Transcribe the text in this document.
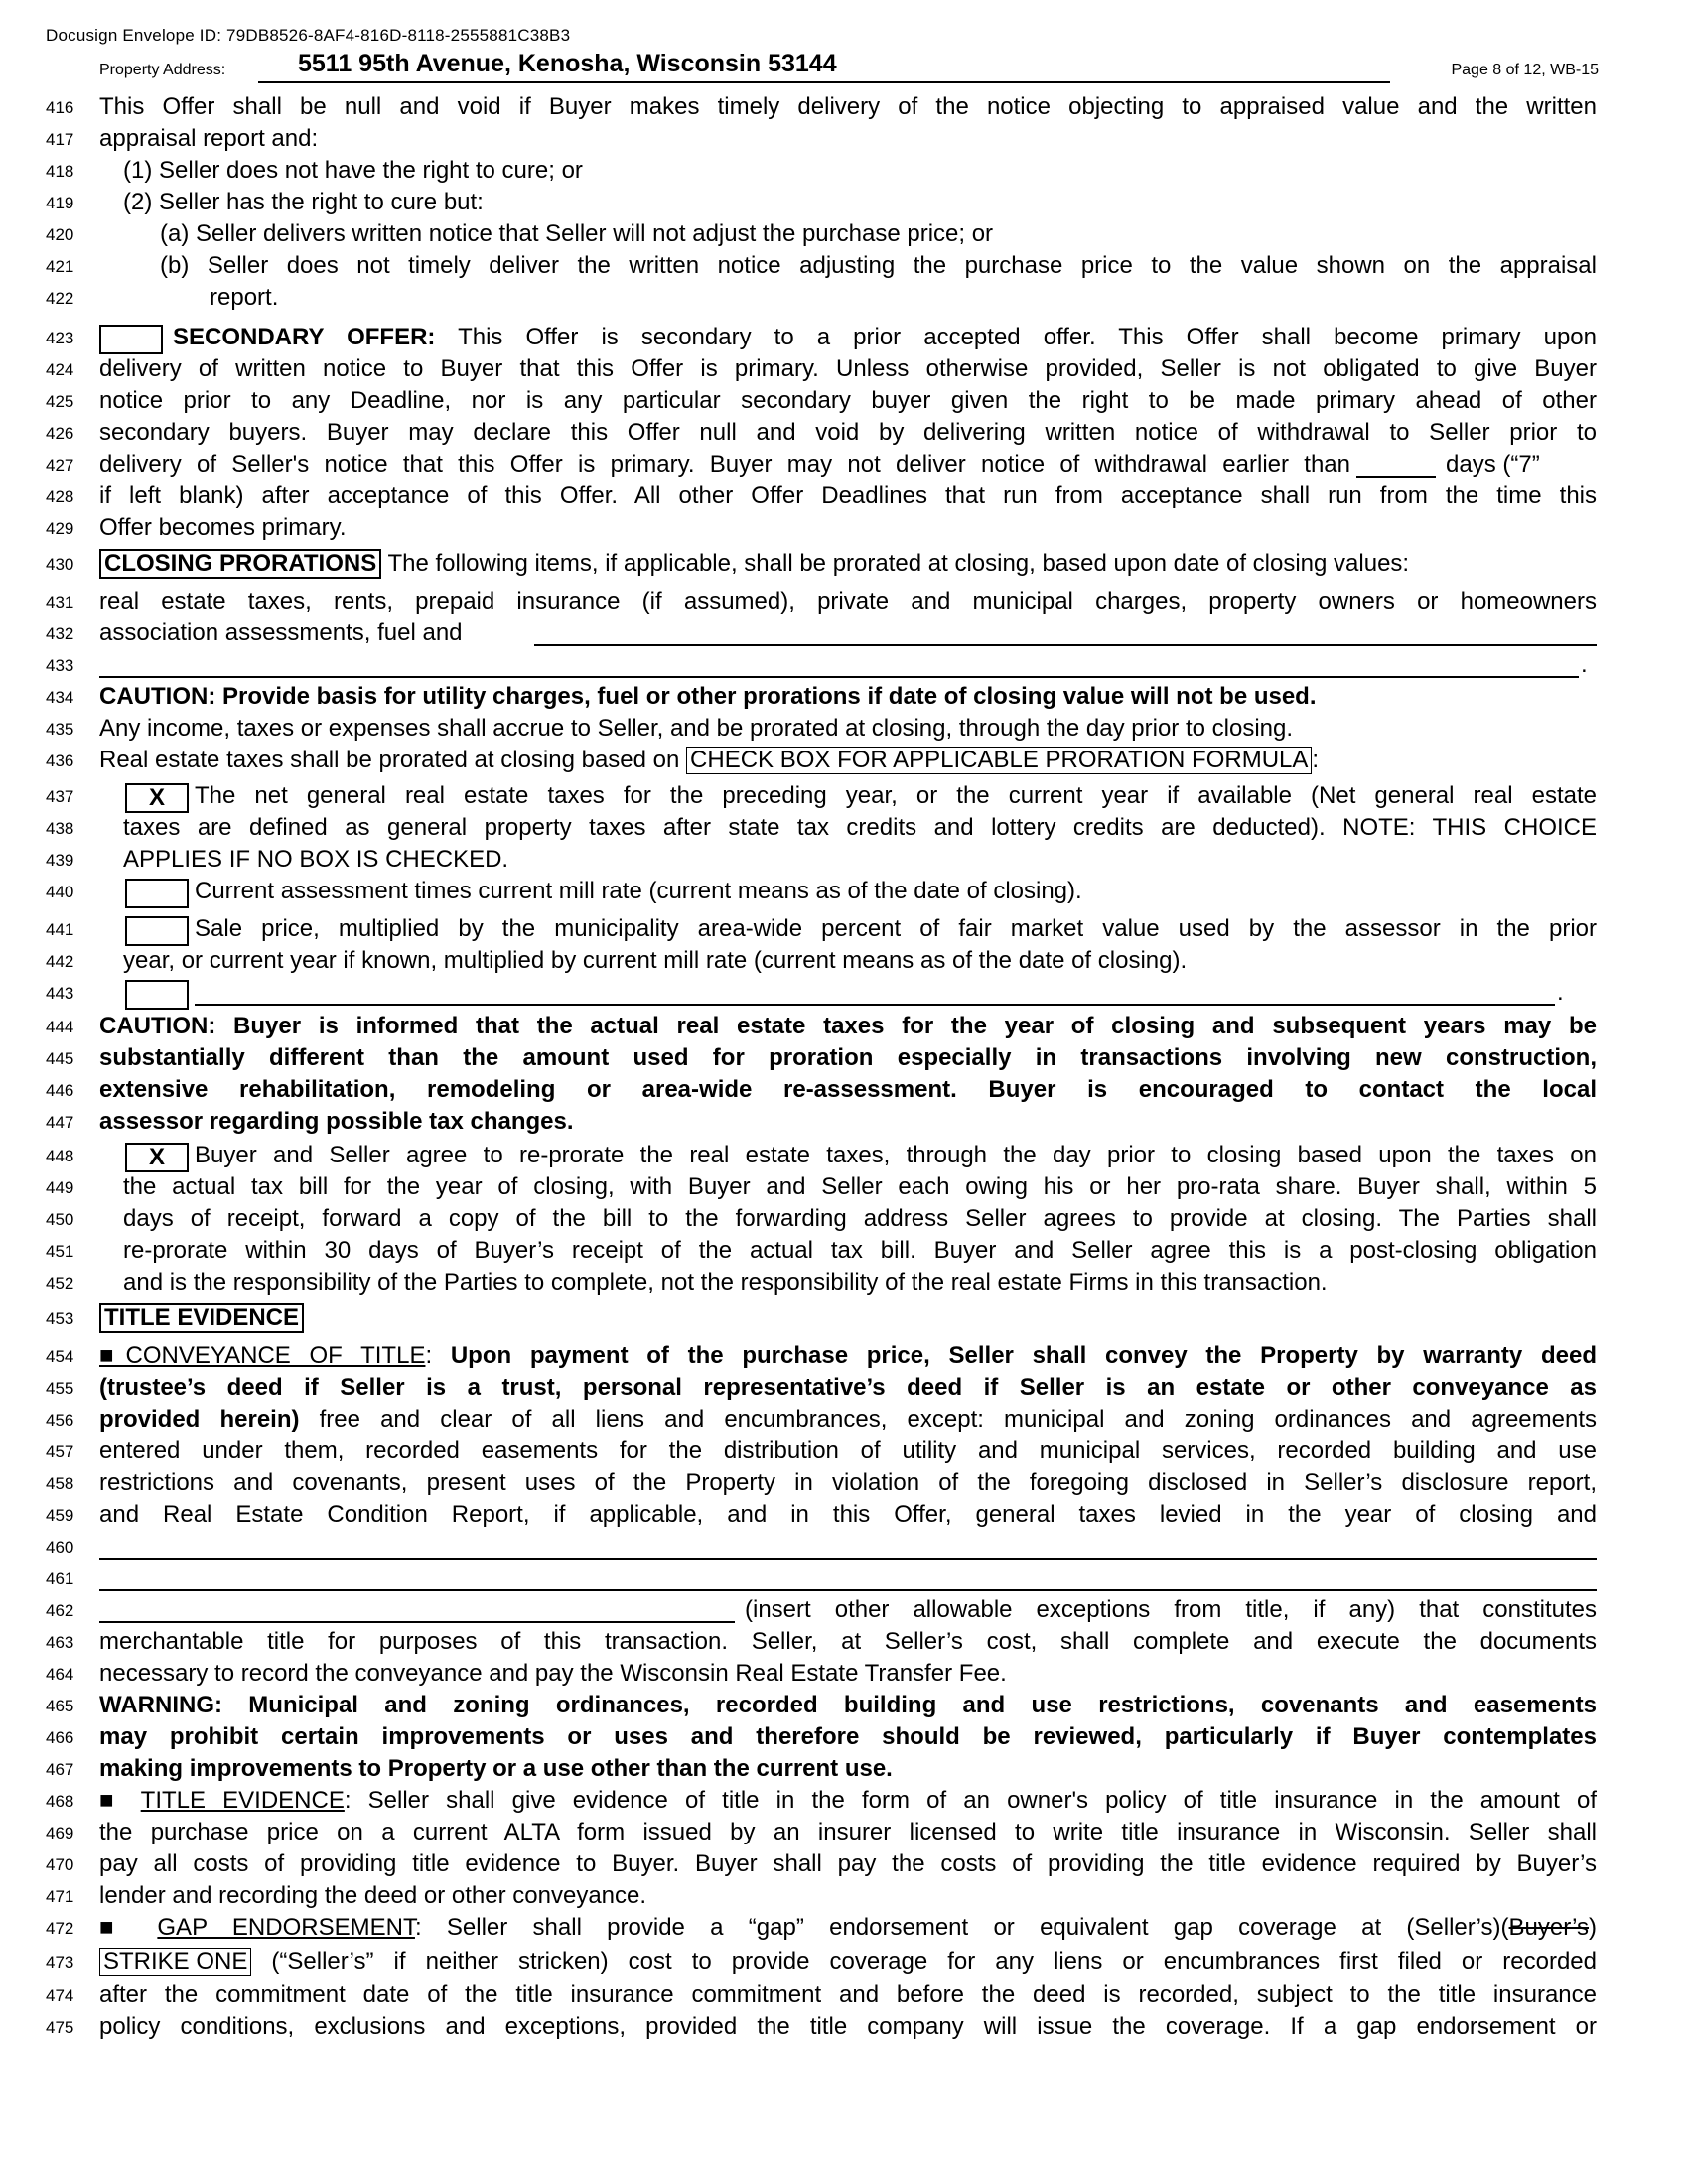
Docusign Envelope ID: 79DB8526-8AF4-816D-8118-2555881C38B3
Property Address:	5511 95th Avenue, Kenosha, Wisconsin 53144	Page 8 of 12, WB-15
416	This Offer shall be null and void if Buyer makes timely delivery of the notice objecting to appraised value and the written
417	appraisal report and:
418	(1) Seller does not have the right to cure; or
419	(2) Seller has the right to cure but:
420	(a) Seller delivers written notice that Seller will not adjust the purchase price; or
421	(b) Seller does not timely deliver the written notice adjusting the purchase price to the value shown on the appraisal
422	report.
423	SECONDARY OFFER: This Offer is secondary to a prior accepted offer. This Offer shall become primary upon
424	delivery of written notice to Buyer that this Offer is primary. Unless otherwise provided, Seller is not obligated to give Buyer
425	notice prior to any Deadline, nor is any particular secondary buyer given the right to be made primary ahead of other
426	secondary buyers. Buyer may declare this Offer null and void by delivering written notice of withdrawal to Seller prior to
427	delivery of Seller's notice that this Offer is primary. Buyer may not deliver notice of withdrawal earlier than	days (“7”
428	if left blank) after acceptance of this Offer. All other Offer Deadlines that run from acceptance shall run from the time this
429	Offer becomes primary.
430	CLOSING PRORATIONS The following items, if applicable, shall be prorated at closing, based upon date of closing values:
431	real estate taxes, rents, prepaid insurance (if assumed), private and municipal charges, property owners or homeowners
432	association assessments, fuel and
433	.
434	CAUTION: Provide basis for utility charges, fuel or other prorations if date of closing value will not be used.
435	Any income, taxes or expenses shall accrue to Seller, and be prorated at closing, through the day prior to closing.
436	Real estate taxes shall be prorated at closing based on CHECK BOX FOR APPLICABLE PRORATION FORMULA :
437	X	The net general real estate taxes for the preceding year, or the current year if available (Net general real estate
438	taxes are defined as general property taxes after state tax credits and lottery credits are deducted). NOTE: THIS CHOICE
439	APPLIES IF NO BOX IS CHECKED.
440	Current assessment times current mill rate (current means as of the date of closing).
441	Sale price, multiplied by the municipality area-wide percent of fair market value used by the assessor in the prior
442	year, or current year if known, multiplied by current mill rate (current means as of the date of closing).
443	.
444	CAUTION: Buyer is informed that the actual real estate taxes for the year of closing and subsequent years may be
445	substantially different than the amount used for proration especially in transactions involving new construction,
446	extensive rehabilitation, remodeling or area-wide re-assessment. Buyer is encouraged to contact the local
447	assessor regarding possible tax changes.
448	X	Buyer and Seller agree to re-prorate the real estate taxes, through the day prior to closing based upon the taxes on
449	the actual tax bill for the year of closing, with Buyer and Seller each owing his or her pro-rata share. Buyer shall, within 5
450	days of receipt, forward a copy of the bill to the forwarding address Seller agrees to provide at closing. The Parties shall
451	re-prorate within 30 days of Buyer’s receipt of the actual tax bill. Buyer and Seller agree this is a post-closing obligation
452	and is the responsibility of the Parties to complete, not the responsibility of the real estate Firms in this transaction.
453	TITLE EVIDENCE
454	■CONVEYANCE OF TITLE: Upon payment of the purchase price, Seller shall convey the Property by warranty deed
455	(trustee’s deed if Seller is a trust, personal representative’s deed if Seller is an estate or other conveyance as
456	provided herein) free and clear of all liens and encumbrances, except: municipal and zoning ordinances and agreements
457	entered under them, recorded easements for the distribution of utility and municipal services, recorded building and use
458	restrictions and covenants, present uses of the Property in violation of the foregoing disclosed in Seller’s disclosure report,
459	and Real Estate Condition Report, if applicable, and in this Offer, general taxes levied in the year of closing and
460
461
462	(insert other allowable exceptions from title, if any) that constitutes
463	merchantable title for purposes of this transaction. Seller, at Seller’s cost, shall complete and execute the documents
464	necessary to record the conveyance and pay the Wisconsin Real Estate Transfer Fee.
465	WARNING: Municipal and zoning ordinances, recorded building and use restrictions, covenants and easements
466	may prohibit certain improvements or uses and therefore should be reviewed, particularly if Buyer contemplates
467	making improvements to Property or a use other than the current use.
468	■ TITLE EVIDENCE: Seller shall give evidence of title in the form of an owner's policy of title insurance in the amount of
469	the purchase price on a current ALTA form issued by an insurer licensed to write title insurance in Wisconsin. Seller shall
470	pay all costs of providing title evidence to Buyer. Buyer shall pay the costs of providing the title evidence required by Buyer’s
471	lender and recording the deed or other conveyance.
472	■ GAP ENDORSEMENT: Seller shall provide a “gap” endorsement or equivalent gap coverage at (Seller’s)(Buyer’s)
473	STRIKE ONE (“Seller’s” if neither stricken) cost to provide coverage for any liens or encumbrances first filed or recorded
474	after the commitment date of the title insurance commitment and before the deed is recorded, subject to the title insurance
475	policy conditions, exclusions and exceptions, provided the title company will issue the coverage. If a gap endorsement or
